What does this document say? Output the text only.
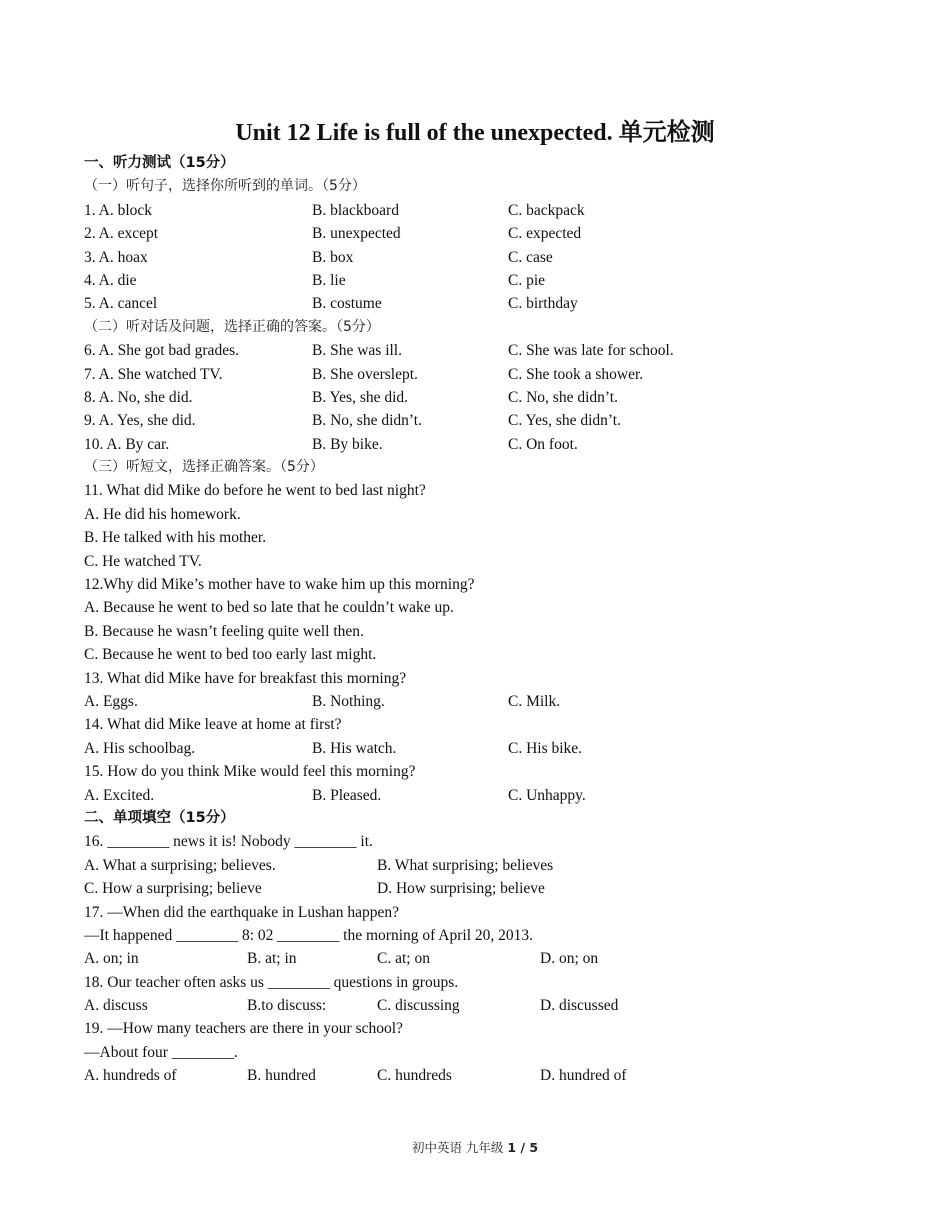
Unit 12 Life is full of the unexpected. 单元检测
一、听力测试（15分）
（一）听句子，选择你所听到的单词。（5分）
1. A. block	B. blackboard	C. backpack
2. A. except	B. unexpected	C. expected
3. A. hoax	B. box	C. case
4. A. die	B. lie	C. pie
5. A. cancel	B. costume	C. birthday
（二）听对话及问题，选择正确的答案。（5分）
6. A. She got bad grades.	B. She was ill.	C. She was late for school.
7. A. She watched TV.	B. She overslept.	C. She took a shower.
8. A. No, she did.	B. Yes, she did.	C. No, she didn’t.
9. A. Yes, she did.	B. No, she didn’t.	C. Yes, she didn’t.
10. A. By car.	B. By bike.	C. On foot.
（三）听短文，选择正确答案。（5分）
11. What did Mike do before he went to bed last night?
A. He did his homework.
B. He talked with his mother.
C. He watched TV.
12.Why did Mike’s mother have to wake him up this morning?
A. Because he went to bed so late that he couldn’t wake up.
B. Because he wasn’t feeling quite well then.
C. Because he went to bed too early last might.
13. What did Mike have for breakfast this morning?
A. Eggs.	B. Nothing.	C. Milk.
14. What did Mike leave at home at first?
A. His schoolbag.	B. His watch.	C. His bike.
15. How do you think Mike would feel this morning?
A. Excited.	B. Pleased.	C. Unhappy.
二、单项填空（15分）
16. ________ news it is! Nobody ________ it.
A. What a surprising; believes.	B. What surprising; believes
C. How a surprising; believe	D. How surprising; believe
17. —When did the earthquake in Lushan happen?
—It happened ________ 8: 02 ________ the morning of April 20, 2013.
A. on; in	B. at; in	C. at; on	D. on; on
18. Our teacher often asks us ________ questions in groups.
A. discuss	B.to discuss:	C. discussing	D. discussed
19. —How many teachers are there in your school?
—About four ________.
A. hundreds of	B. hundred	C. hundreds	D. hundred of
初中英语 九年级 1 / 5
